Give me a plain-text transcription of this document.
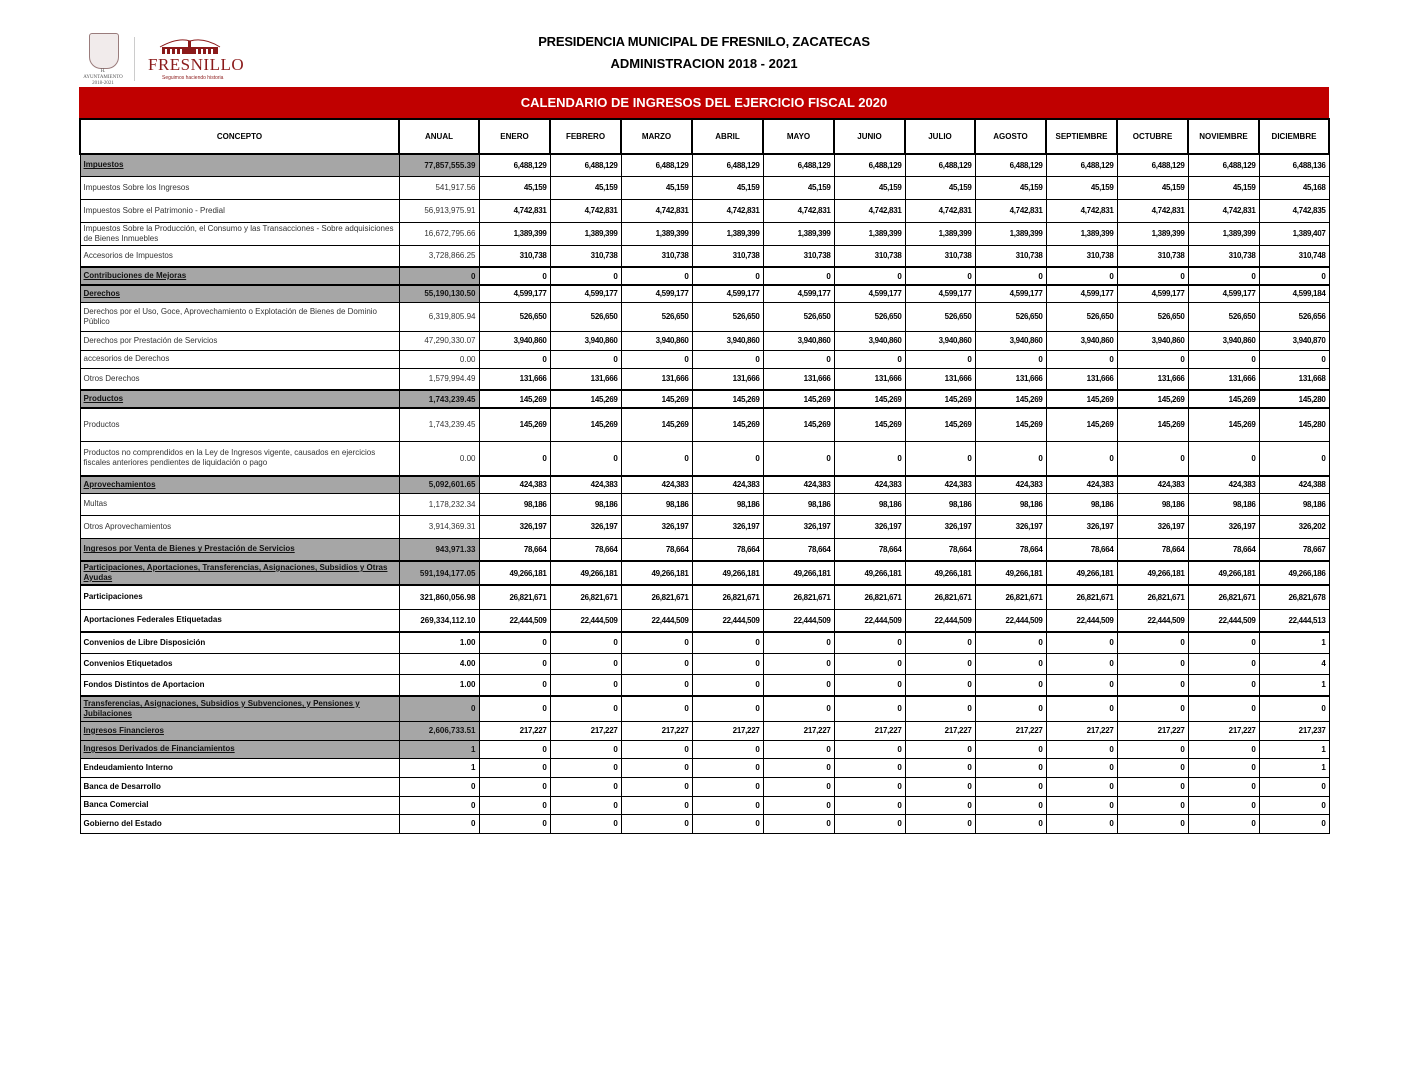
H. AYUNTAMIENTO
2018-2021
FRESNILLO
Seguimos haciendo historia
PRESIDENCIA MUNICIPAL DE FRESNILO, ZACATECAS
ADMINISTRACION 2018 - 2021
CALENDARIO DE INGRESOS DEL EJERCICIO FISCAL 2020
CONCEPTO	ANUAL	ENERO	FEBRERO	MARZO	ABRIL	MAYO	JUNIO	JULIO	AGOSTO	SEPTIEMBRE	OCTUBRE	NOVIEMBRE	DICIEMBRE
Impuestos	77,857,555.39	6,488,129	6,488,129	6,488,129	6,488,129	6,488,129	6,488,129	6,488,129	6,488,129	6,488,129	6,488,129	6,488,129	6,488,136
Impuestos Sobre los Ingresos	541,917.56	45,159	45,159	45,159	45,159	45,159	45,159	45,159	45,159	45,159	45,159	45,159	45,168
Impuestos Sobre el Patrimonio - Predial	56,913,975.91	4,742,831	4,742,831	4,742,831	4,742,831	4,742,831	4,742,831	4,742,831	4,742,831	4,742,831	4,742,831	4,742,831	4,742,835
Impuestos Sobre la Producción, el Consumo y las Transacciones - Sobre adquisiciones de Bienes Inmuebles	16,672,795.66	1,389,399	1,389,399	1,389,399	1,389,399	1,389,399	1,389,399	1,389,399	1,389,399	1,389,399	1,389,399	1,389,399	1,389,407
Accesorios de Impuestos	3,728,866.25	310,738	310,738	310,738	310,738	310,738	310,738	310,738	310,738	310,738	310,738	310,738	310,748
Contribuciones de Mejoras	0	0	0	0	0	0	0	0	0	0	0	0	0
Derechos	55,190,130.50	4,599,177	4,599,177	4,599,177	4,599,177	4,599,177	4,599,177	4,599,177	4,599,177	4,599,177	4,599,177	4,599,177	4,599,184
Derechos por el Uso, Goce, Aprovechamiento o Explotación de Bienes de Dominio Público	6,319,805.94	526,650	526,650	526,650	526,650	526,650	526,650	526,650	526,650	526,650	526,650	526,650	526,656
Derechos por Prestación de Servicios	47,290,330.07	3,940,860	3,940,860	3,940,860	3,940,860	3,940,860	3,940,860	3,940,860	3,940,860	3,940,860	3,940,860	3,940,860	3,940,870
accesorios de Derechos	0.00	0	0	0	0	0	0	0	0	0	0	0	0
Otros Derechos	1,579,994.49	131,666	131,666	131,666	131,666	131,666	131,666	131,666	131,666	131,666	131,666	131,666	131,668
Productos	1,743,239.45	145,269	145,269	145,269	145,269	145,269	145,269	145,269	145,269	145,269	145,269	145,269	145,280
Productos	1,743,239.45	145,269	145,269	145,269	145,269	145,269	145,269	145,269	145,269	145,269	145,269	145,269	145,280
Productos no comprendidos en la Ley de Ingresos vigente, causados en ejercicios fiscales anteriores pendientes de liquidación o pago	0.00	0	0	0	0	0	0	0	0	0	0	0	0
Aprovechamientos	5,092,601.65	424,383	424,383	424,383	424,383	424,383	424,383	424,383	424,383	424,383	424,383	424,383	424,388
Multas	1,178,232.34	98,186	98,186	98,186	98,186	98,186	98,186	98,186	98,186	98,186	98,186	98,186	98,186
Otros Aprovechamientos	3,914,369.31	326,197	326,197	326,197	326,197	326,197	326,197	326,197	326,197	326,197	326,197	326,197	326,202
Ingresos por Venta de Bienes y Prestación de Servicios	943,971.33	78,664	78,664	78,664	78,664	78,664	78,664	78,664	78,664	78,664	78,664	78,664	78,667
Participaciones, Aportaciones, Transferencias, Asignaciones, Subsidios y Otras Ayudas	591,194,177.05	49,266,181	49,266,181	49,266,181	49,266,181	49,266,181	49,266,181	49,266,181	49,266,181	49,266,181	49,266,181	49,266,181	49,266,186
Participaciones	321,860,056.98	26,821,671	26,821,671	26,821,671	26,821,671	26,821,671	26,821,671	26,821,671	26,821,671	26,821,671	26,821,671	26,821,671	26,821,678
Aportaciones Federales Etiquetadas	269,334,112.10	22,444,509	22,444,509	22,444,509	22,444,509	22,444,509	22,444,509	22,444,509	22,444,509	22,444,509	22,444,509	22,444,509	22,444,513
Convenios de Libre Disposición	1.00	0	0	0	0	0	0	0	0	0	0	0	1
Convenios Etiquetados	4.00	0	0	0	0	0	0	0	0	0	0	0	4
Fondos Distintos de Aportacion	1.00	0	0	0	0	0	0	0	0	0	0	0	1
Transferencias, Asignaciones, Subsidios y Subvenciones, y Pensiones y Jubilaciones	0	0	0	0	0	0	0	0	0	0	0	0	0
Ingresos Financieros	2,606,733.51	217,227	217,227	217,227	217,227	217,227	217,227	217,227	217,227	217,227	217,227	217,227	217,237
Ingresos Derivados de Financiamientos	1	0	0	0	0	0	0	0	0	0	0	0	1
Endeudamiento Interno	1	0	0	0	0	0	0	0	0	0	0	0	1
Banca de Desarrollo	0	0	0	0	0	0	0	0	0	0	0	0	0
Banca Comercial	0	0	0	0	0	0	0	0	0	0	0	0	0
Gobierno del Estado	0	0	0	0	0	0	0	0	0	0	0	0	0
